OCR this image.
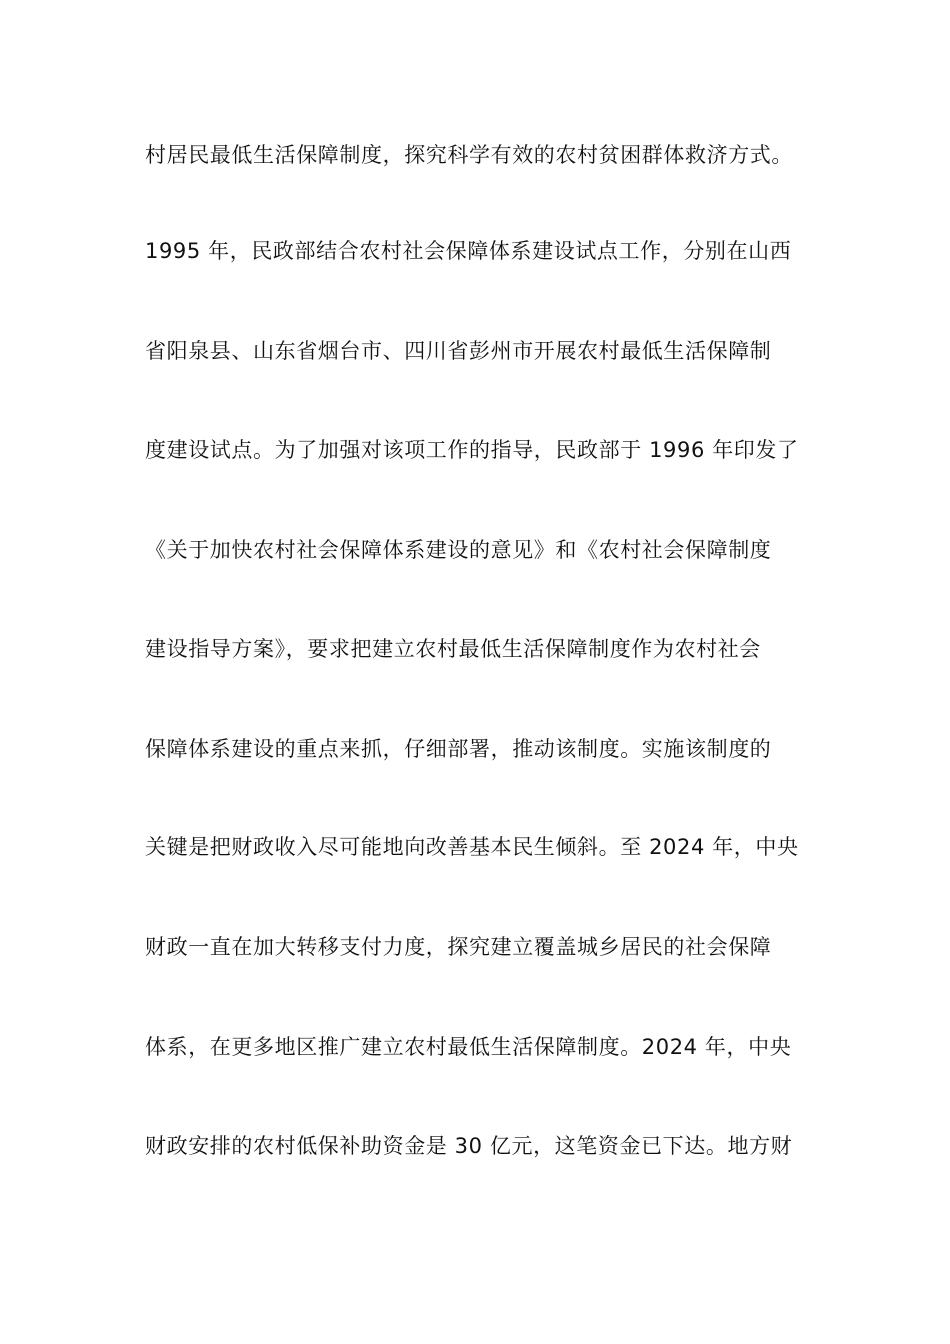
村居民最低生活保障制度，探究科学有效的农村贫困群体救济方式。
1995 年，民政部结合农村社会保障体系建设试点工作，分别在山西
省阳泉县、山东省烟台市、四川省彭州市开展农村最低生活保障制
度建设试点。为了加强对该项工作的指导，民政部于 1996 年印发了
《关于加快农村社会保障体系建设的意见》和《农村社会保障制度
建设指导方案》，要求把建立农村最低生活保障制度作为农村社会
保障体系建设的重点来抓，仔细部署，推动该制度。实施该制度的
关键是把财政收入尽可能地向改善基本民生倾斜。至 2024 年，中央
财政一直在加大转移支付力度，探究建立覆盖城乡居民的社会保障
体系，在更多地区推广建立农村最低生活保障制度。2024 年，中央
财政安排的农村低保补助资金是 30 亿元，这笔资金已下达。地方财
